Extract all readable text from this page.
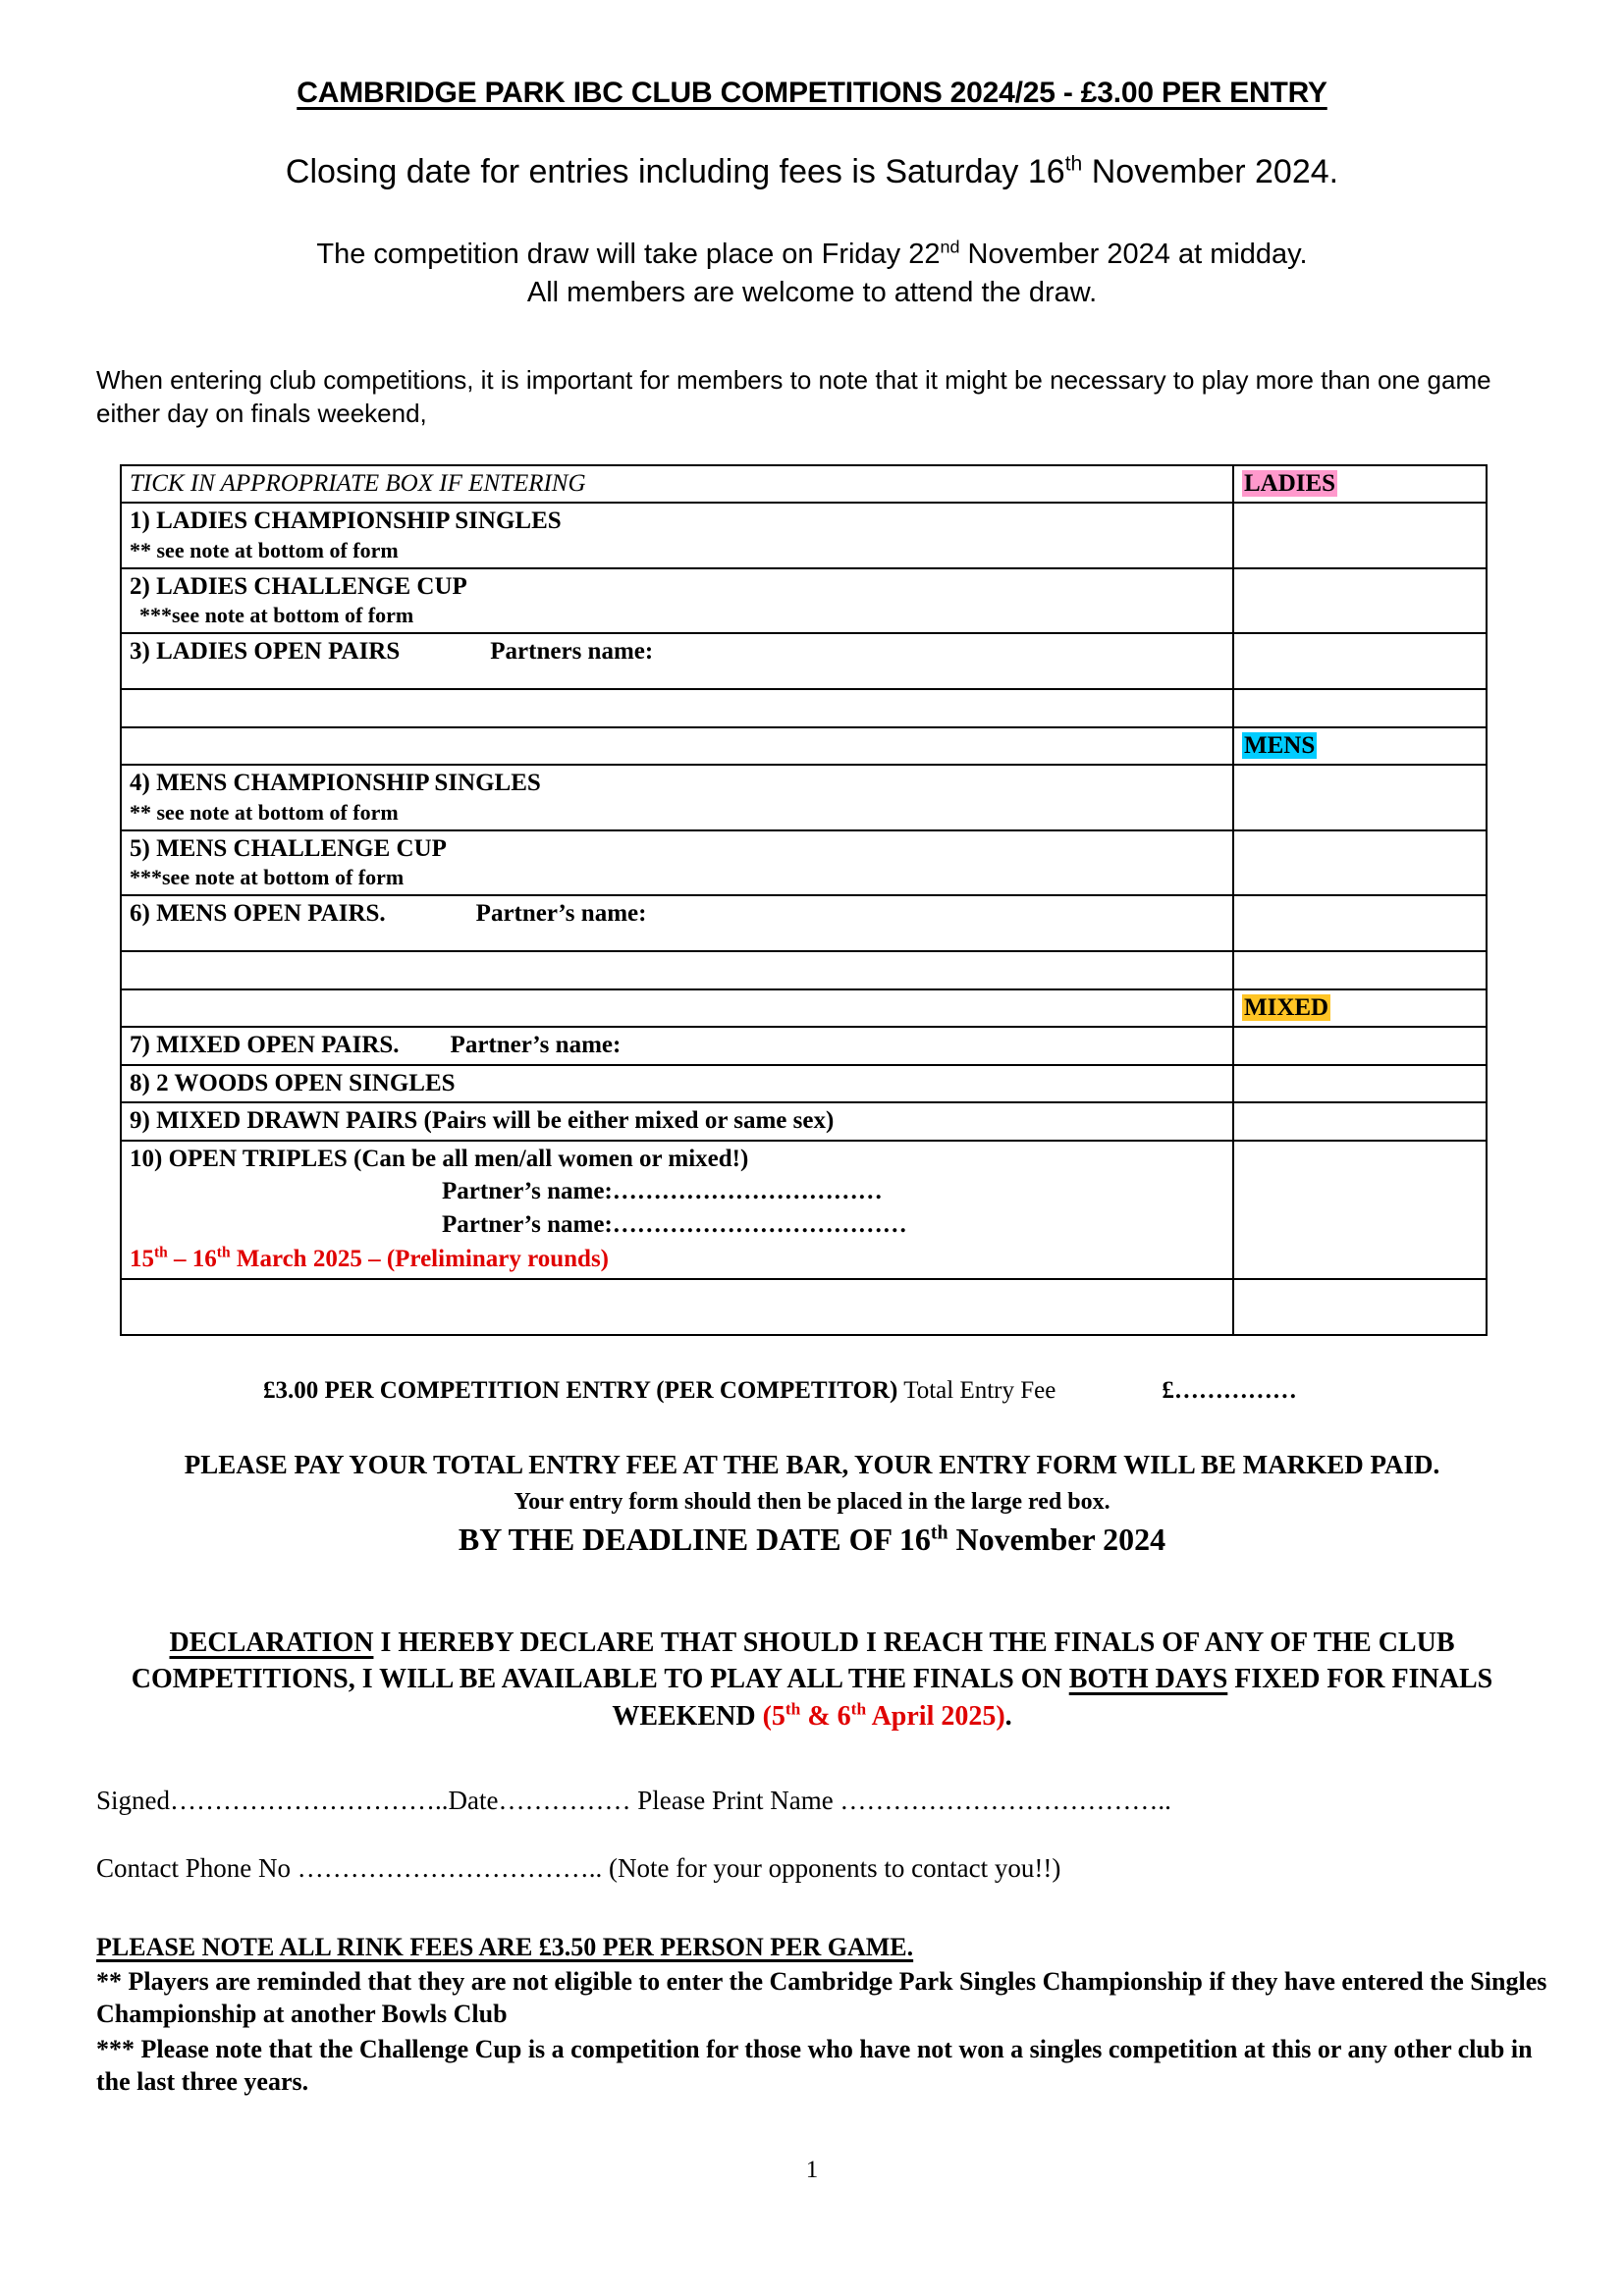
CAMBRIDGE PARK IBC CLUB COMPETITIONS 2024/25 - £3.00 PER ENTRY
Closing date for entries including fees is Saturday 16th November 2024.
The competition draw will take place on Friday 22nd November 2024 at midday.
All members are welcome to attend the draw.
When entering club competitions, it is important for members to note that it might be necessary to play more than one game either day on finals weekend,
TICK IN APPROPRIATE BOX IF ENTERING	LADIES
1) LADIES CHAMPIONSHIP SINGLES
** see note at bottom of form	

2) LADIES CHALLENGE CUP
***see note at bottom of form	

3) LADIES OPEN PAIRS Partners name:	

	MENS
4) MENS CHAMPIONSHIP SINGLES
** see note at bottom of form	

5) MENS CHALLENGE CUP
***see note at bottom of form	

6) MENS OPEN PAIRS. Partner’s name:	

	MIXED
7) MIXED OPEN PAIRS. Partner’s name:	
8) 2 WOODS OPEN SINGLES	
9) MIXED DRAWN PAIRS (Pairs will be either mixed or same sex)	
10) OPEN TRIPLES (Can be all men/all women or mixed!)
Partner’s name:……………………………
Partner’s name:………………………………
15th – 16th March 2025 – (Preliminary rounds)	

£3.00 PER COMPETITION ENTRY (PER COMPETITOR) Total Entry Fee	£……………
PLEASE PAY YOUR TOTAL ENTRY FEE AT THE BAR, YOUR ENTRY FORM WILL BE MARKED PAID.
Your entry form should then be placed in the large red box.
BY THE DEADLINE DATE OF 16th November 2024
DECLARATION I HEREBY DECLARE THAT SHOULD I REACH THE FINALS OF ANY OF THE CLUB COMPETITIONS, I WILL BE AVAILABLE TO PLAY ALL THE FINALS ON BOTH DAYS FIXED FOR FINALS WEEKEND (5th & 6th April 2025).
Signed…………………………..Date…………… Please Print Name ………………………………..
Contact Phone No …………………………….. (Note for your opponents to contact you!!)
PLEASE NOTE ALL RINK FEES ARE £3.50 PER PERSON PER GAME.
** Players are reminded that they are not eligible to enter the Cambridge Park Singles Championship if they have entered the Singles Championship at another Bowls Club
*** Please note that the Challenge Cup is a competition for those who have not won a singles competition at this or any other club in the last three years.
1
